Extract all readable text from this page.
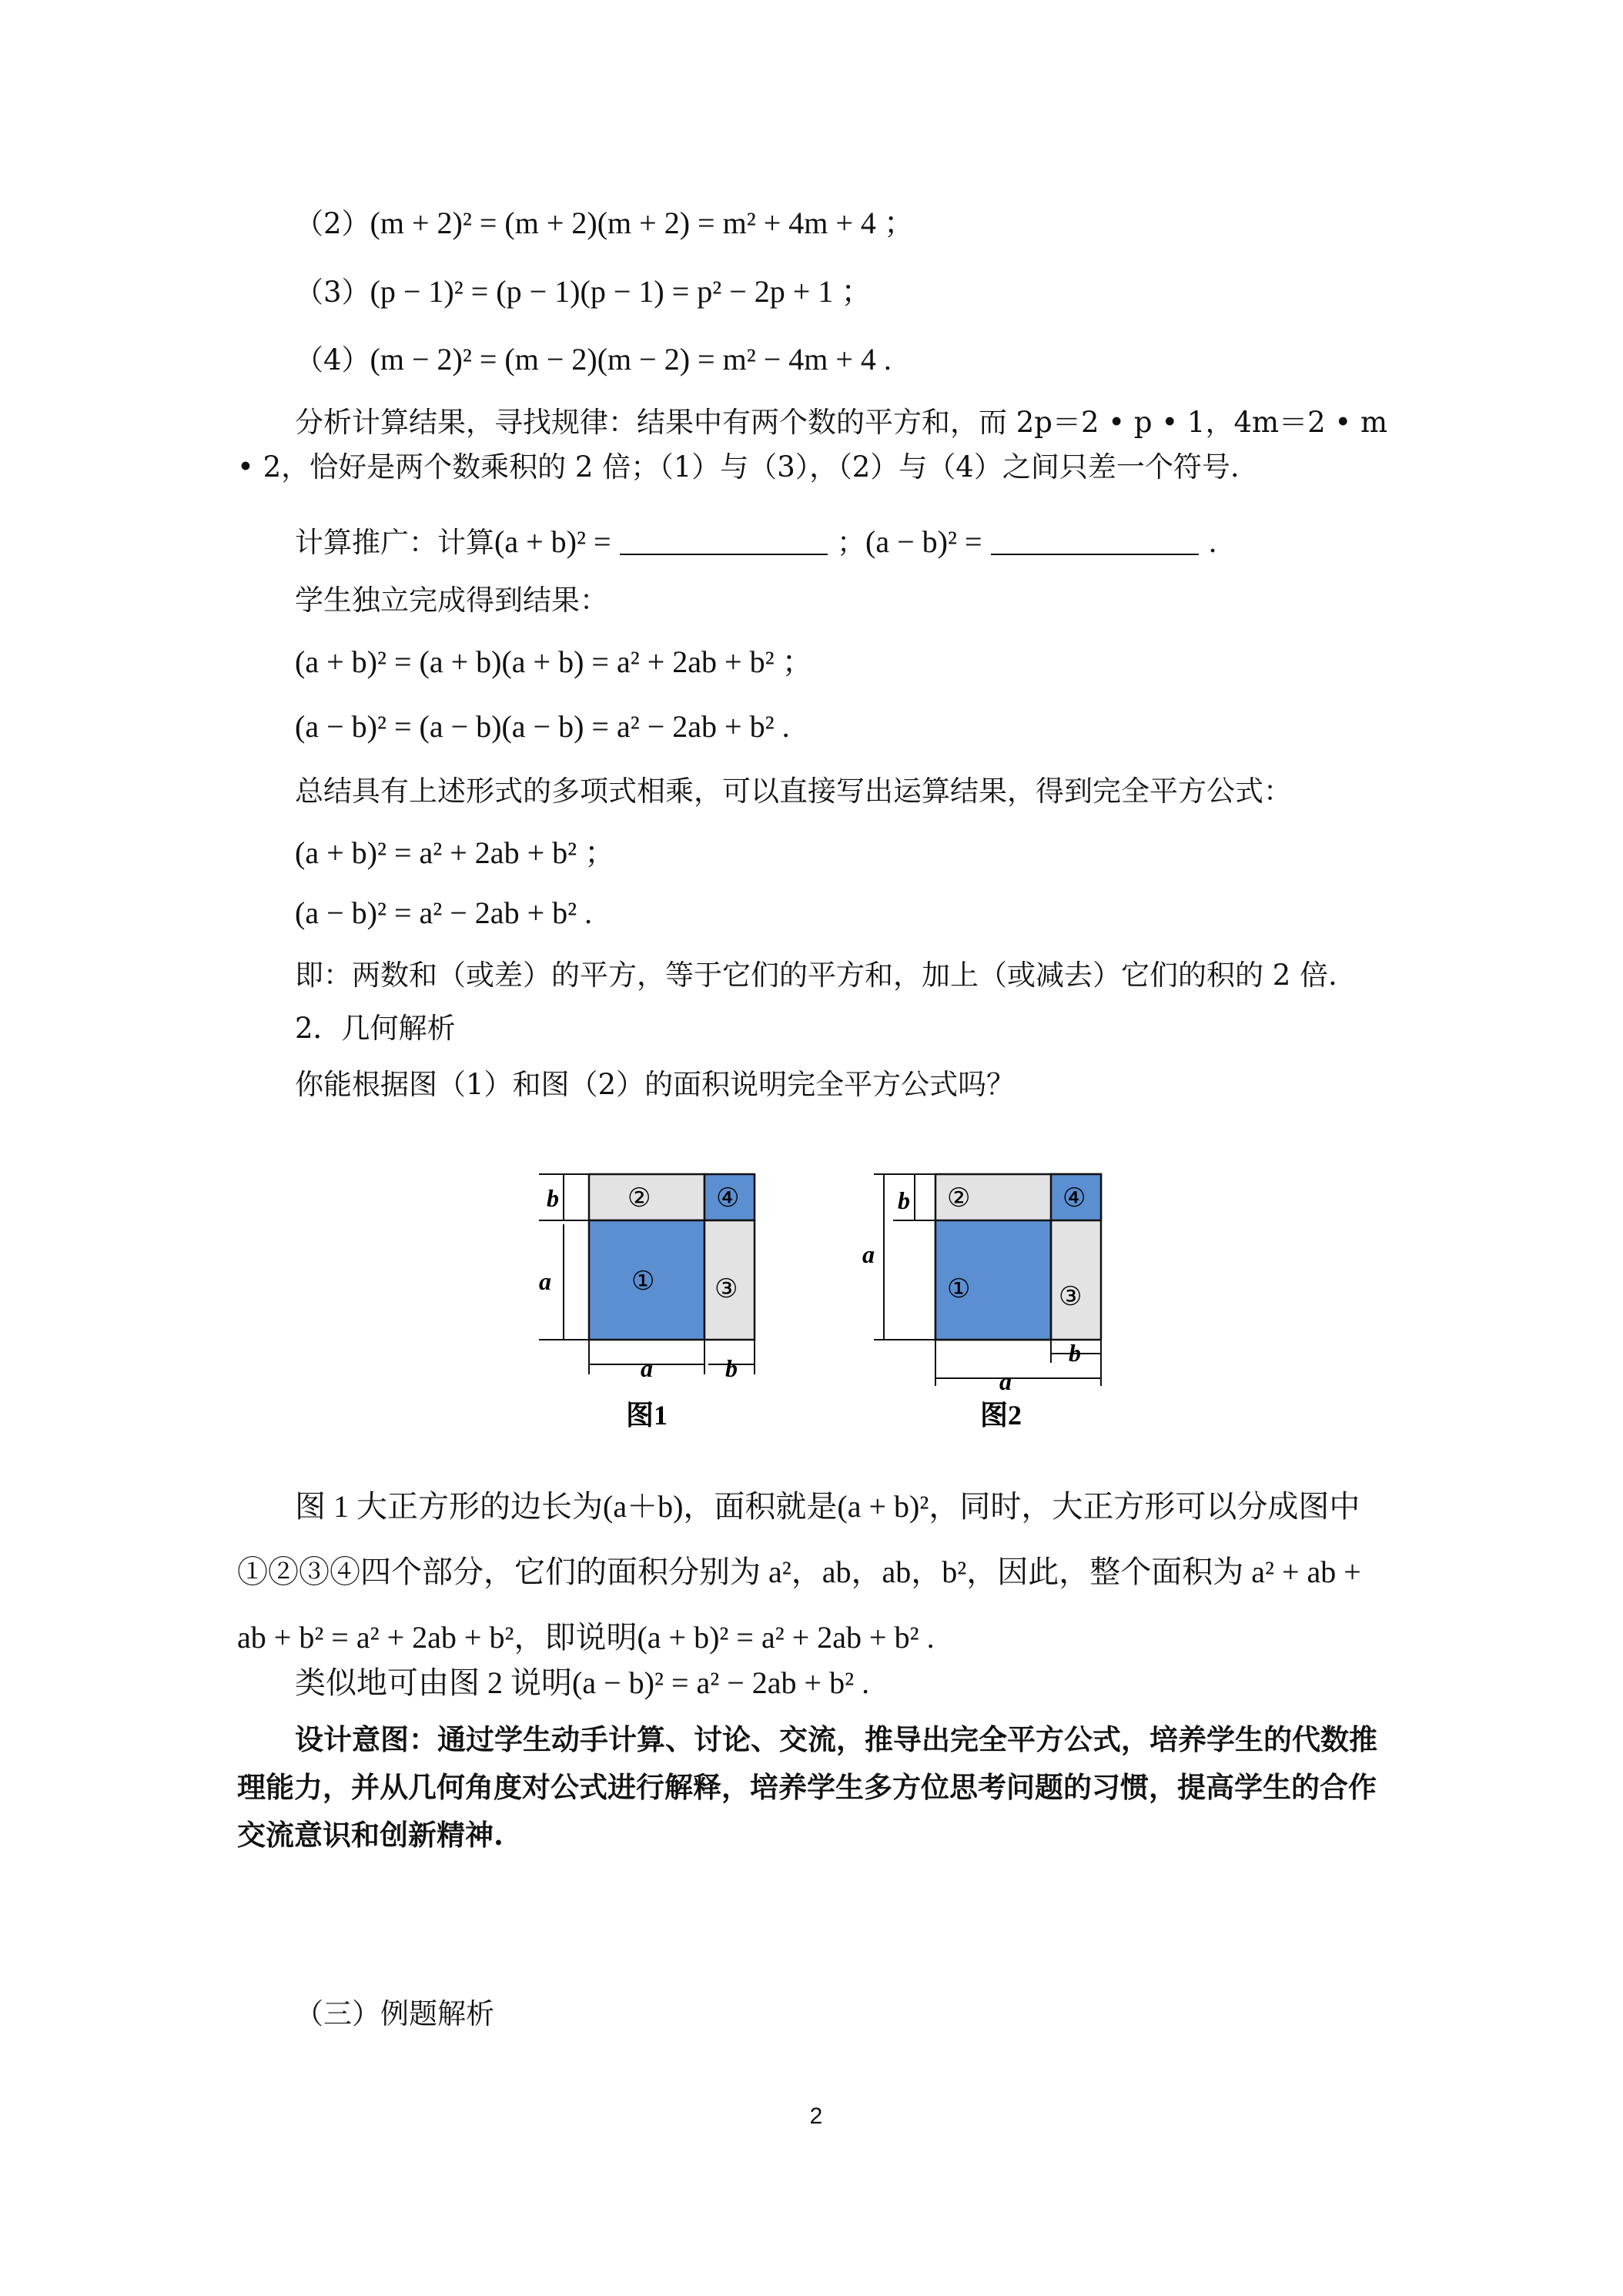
（2）(m + 2)² = (m + 2)(m + 2) = m² + 4m + 4 ；
（3）(p − 1)² = (p − 1)(p − 1) = p² − 2p + 1 ；
（4）(m − 2)² = (m − 2)(m − 2) = m² − 4m + 4 .
分析计算结果，寻找规律：结果中有两个数的平方和，而 2p＝2 • p • 1，4m＝2 • m • 2，恰好是两个数乘积的 2 倍；（1）与（3），（2）与（4）之间只差一个符号.
计算推广：计算(a + b)² =	；(a − b)² =	.
学生独立完成得到结果：
(a + b)² = (a + b)(a + b) = a² + 2ab + b² ；
(a − b)² = (a − b)(a − b) = a² − 2ab + b² .
总结具有上述形式的多项式相乘，可以直接写出运算结果，得到完全平方公式：
(a + b)² = a² + 2ab + b² ；
(a − b)² = a² − 2ab + b² .
即：两数和（或差）的平方，等于它们的平方和，加上（或减去）它们的积的 2 倍.
2．几何解析
你能根据图（1）和图（2）的面积说明完全平方公式吗？
② ④
① ③
b
a
a	b
图1
②	④
①	③
a
b
b
a
图2
图 1 大正方形的边长为(a＋b)，面积就是(a + b)²，同时，大正方形可以分成图中①②③④四个部分，它们的面积分别为 a²，ab，ab，b²，因此，整个面积为 a² + ab + ab + b² = a² + 2ab + b²，即说明(a + b)² = a² + 2ab + b² .
类似地可由图 2 说明(a − b)² = a² − 2ab + b² .
设计意图：通过学生动手计算、讨论、交流，推导出完全平方公式，培养学生的代数推理能力，并从几何角度对公式进行解释，培养学生多方位思考问题的习惯，提高学生的合作交流意识和创新精神.
（三）例题解析
2
